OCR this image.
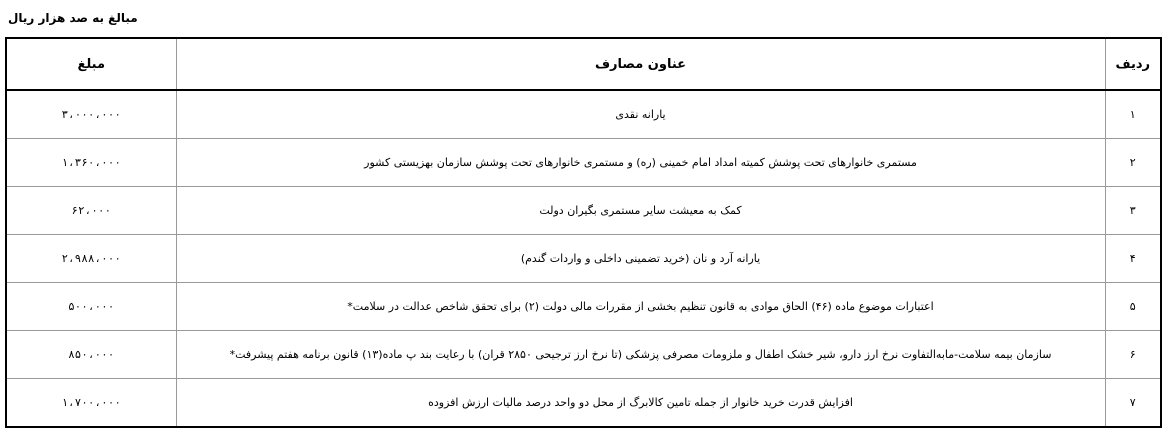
مبالغ به صد هزار ریال
ردیف	عناون مصارف	مبلغ
۱	یارانه نقدی	۳،۰۰۰،۰۰۰
۲	مستمری خانوارهای تحت پوشش کمیته امداد امام خمینی (ره) و مستمری خانوارهای تحت پوشش سازمان بهزیستی کشور	۱،۳۶۰،۰۰۰
۳	کمک به معیشت سایر مستمری بگیران دولت	۶۲،۰۰۰
۴	یارانه آرد و نان (خرید تضمینی داخلی و واردات گندم)	۲،۹۸۸،۰۰۰
۵	اعتبارات موضوع ماده (۴۶) الحاق موادی به قانون تنظیم بخشی از مقررات مالی دولت (۲) برای تحقق شاخص عدالت در سلامت*	۵۰۰،۰۰۰
۶	سازمان بیمه سلامت-مابه‌التفاوت نرخ ارز دارو، شیر خشک اطفال و ملزومات مصرفی پزشکی (تا نرخ ارز ترجیحی ۲۸۵۰ قران) با رعایت بند پ ماده(۱۳) قانون برنامه هفتم پیشرفت*	۸۵۰،۰۰۰
۷	افزایش قدرت خرید خانوار از جمله تامین کالابرگ از محل دو واحد درصد مالیات ارزش افزوده	۱،۷۰۰،۰۰۰
